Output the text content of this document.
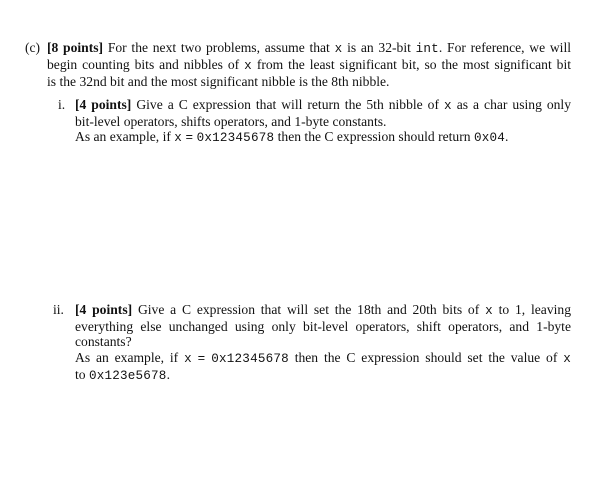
(c) [8 points] For the next two problems, assume that x is an 32-bit int. For reference, we will
begin counting bits and nibbles of x from the least significant bit, so the most significant bit
is the 32nd bit and the most significant nibble is the 8th nibble.
i. [4 points] Give a C expression that will return the 5th nibble of x as a char using only
bit-level operators, shifts operators, and 1-byte constants.
As an example, if x = 0x12345678 then the C expression should return 0x04.
ii. [4 points] Give a C expression that will set the 18th and 20th bits of x to 1, leaving
everything else unchanged using only bit-level operators, shift operators, and 1-byte
constants?
As an example, if x = 0x12345678 then the C expression should set the value of x
to 0x123e5678.
